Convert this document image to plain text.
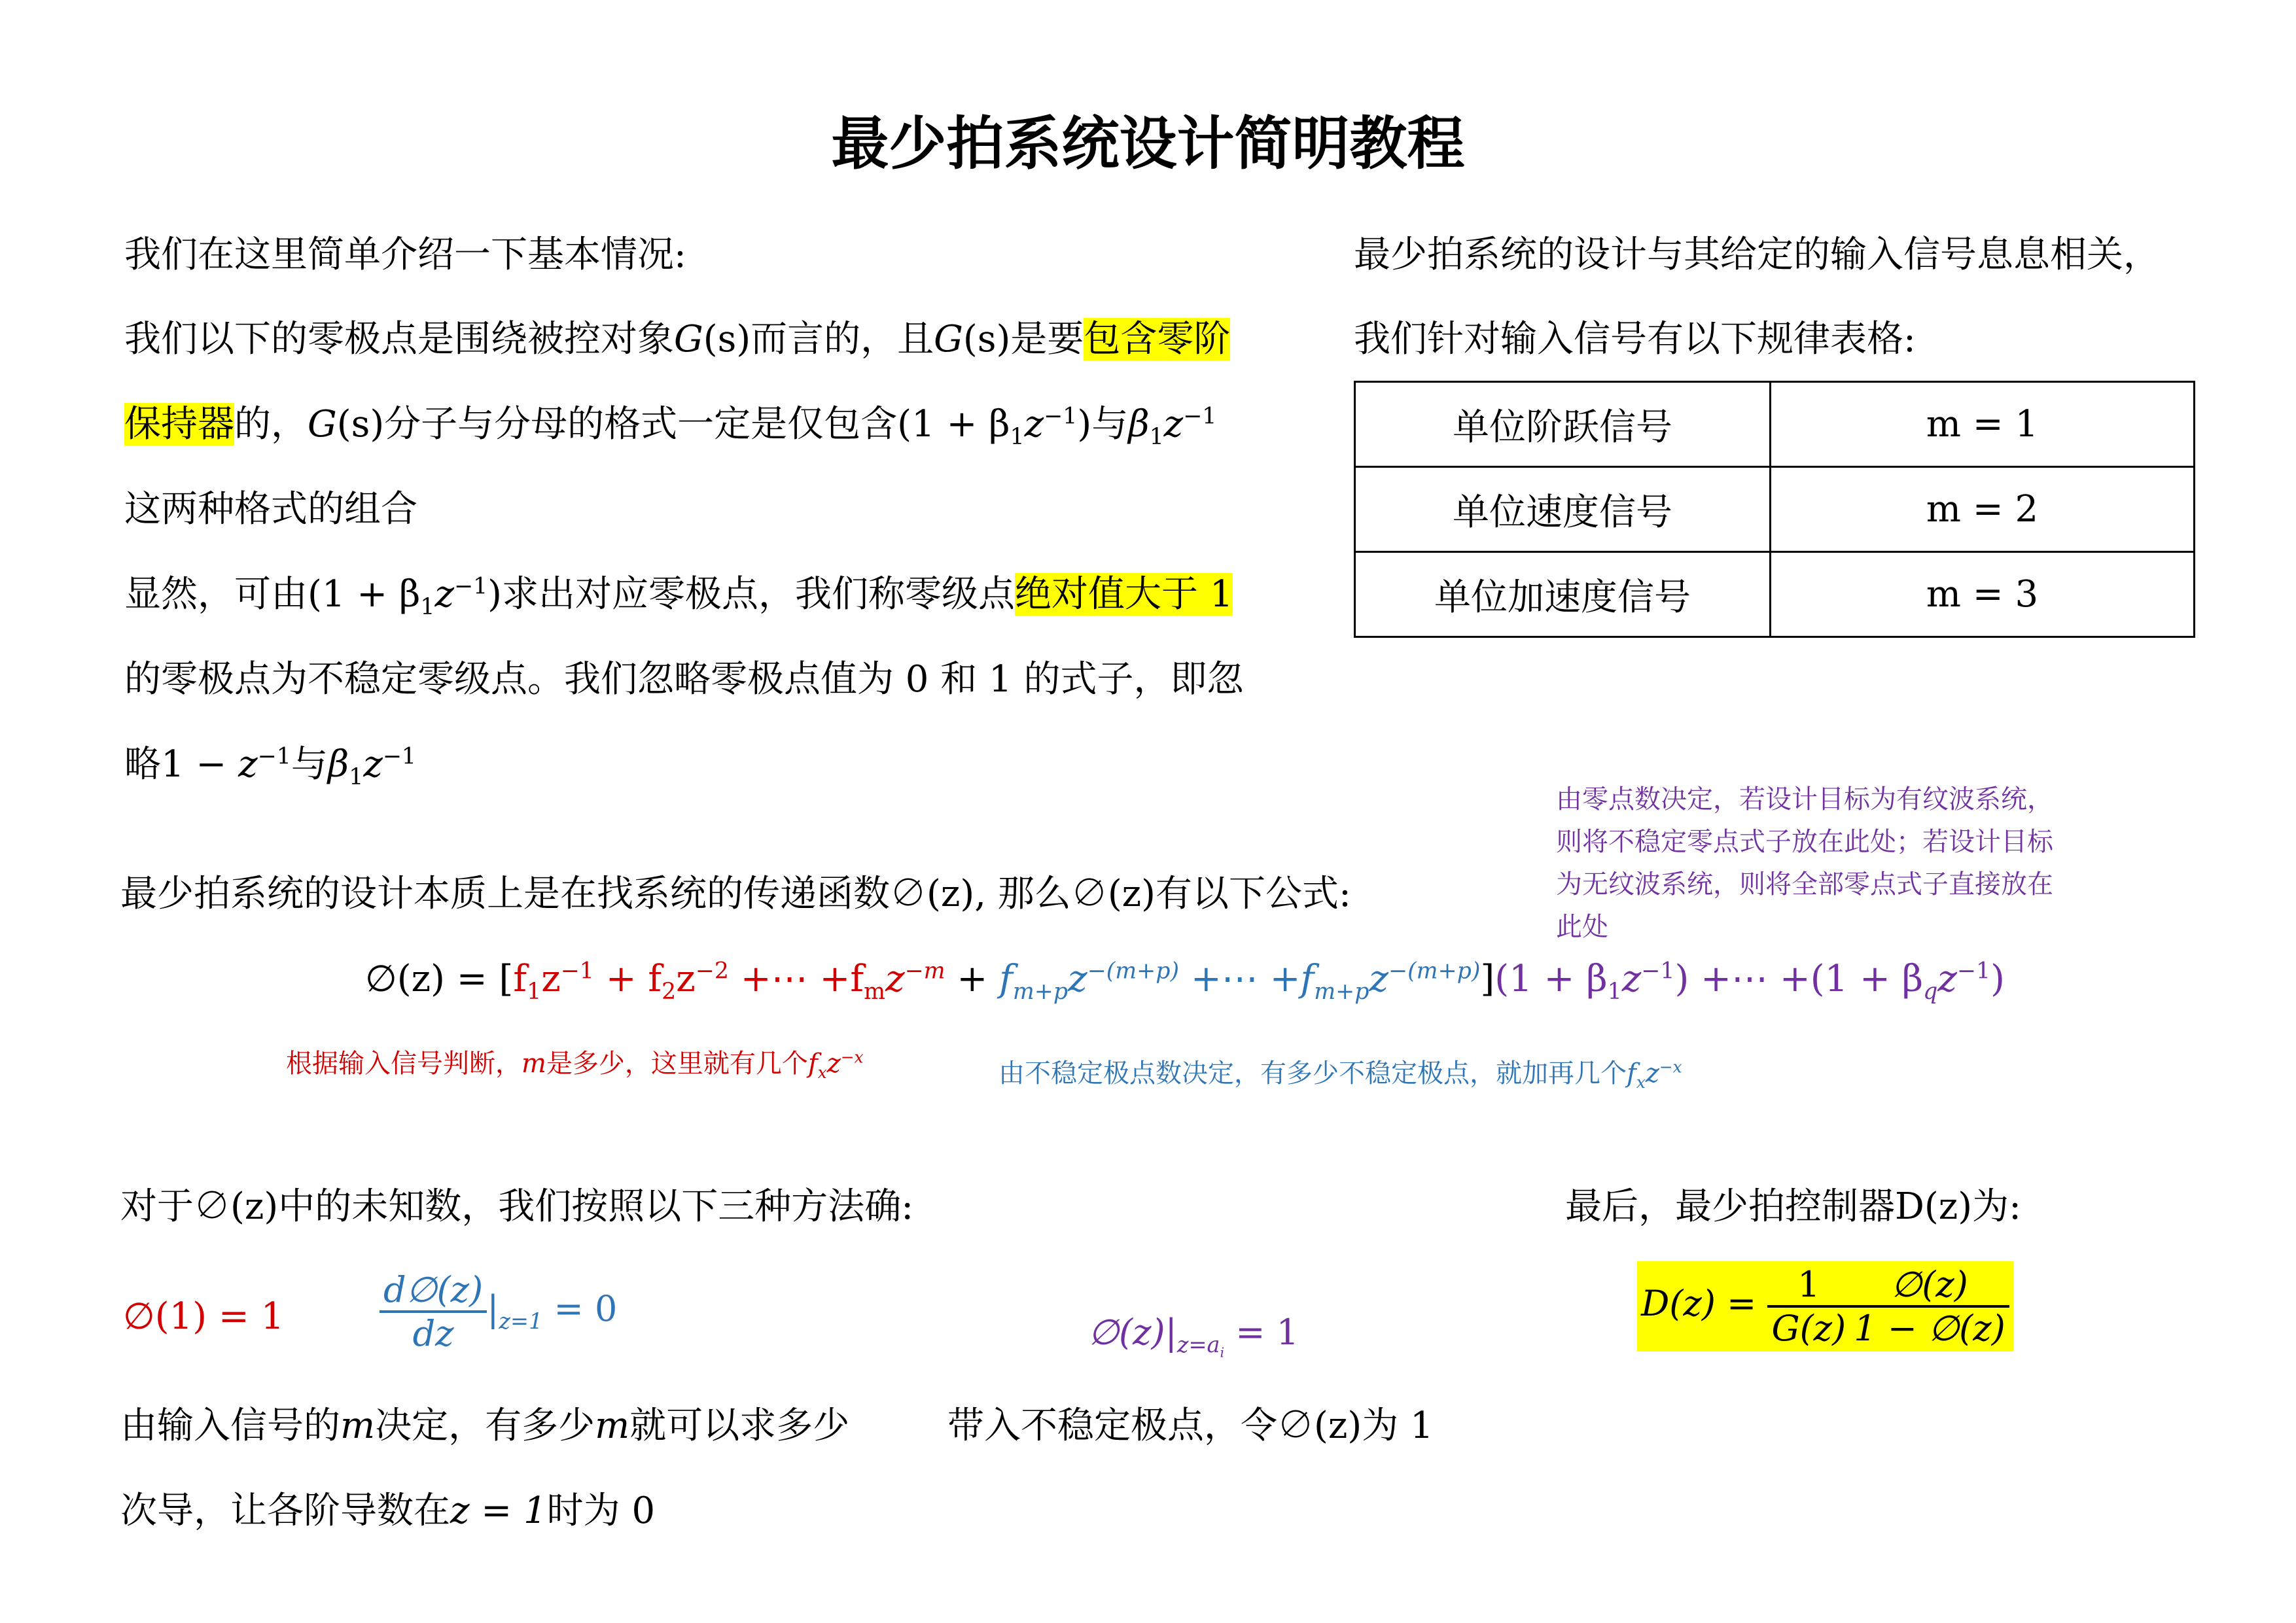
最少拍系统设计简明教程
我们在这里简单介绍一下基本情况:
我们以下的零极点是围绕被控对象G(s)而言的，且G(s)是要包含零阶
保持器的，G(s)分子与分母的格式一定是仅包含$(1 + \beta_1z^{-1})$与$\beta_1z^{-1}$
这两种格式的组合
显然，可由$(1 + \beta_1z^{-1})$求出对应零极点，我们称零级点绝对值大于 1
的零极点为不稳定零级点。我们忽略零极点值为 0 和 1 的式子，即忽
略$1 - z^{-1}$与$\beta_1z^{-1}$
最少拍系统的设计与其给定的输入信号息息相关，
我们针对输入信号有以下规律表格:
单位阶跃信号	m = 1
单位速度信号	m = 2
单位加速度信号	m = 3
由零点数决定，若设计目标为有纹波系统，则将不稳定零点式子放在此处；若设计目标为无纹波系统，则将全部零点式子直接放在此处
最少拍系统的设计本质上是在找系统的传递函数∅(z), 那么∅(z)有以下公式:
∅(z) = [$f_1z^{-1} + f_2z^{-2}$ +⋯ $+f_mz^{-m} + f_{m+p}z^{-(m+p)}$ +⋯ $+f_{m+p}z^{-(m+p)}](1 + \beta_1z^{-1})$ +⋯ $+(1 + \beta_qz^{-1})$
根据输入信号判断，m是多少，这里就有几个$f_xz^{-x}$
由不稳定极点数决定，有多少不稳定极点，就加再几个$f_xz^{-x}$
对于∅(z)中的未知数，我们按照以下三种方法确:	最后，最少拍控制器D(z)为:
$D(z) = \frac{1}{G(z)} \frac{\emptyset(z)}{1 - \emptyset(z)}$
∅(1) = 1	$\frac{d\emptyset(z)}{dz} |_{z=1} = 0$
$\emptyset(z)|_{z=a_i} = 1$
由输入信号的m决定，有多少m就可以求多少	带入不稳定极点，令∅(z)为 1
次导，让各阶导数在z = 1时为 0
